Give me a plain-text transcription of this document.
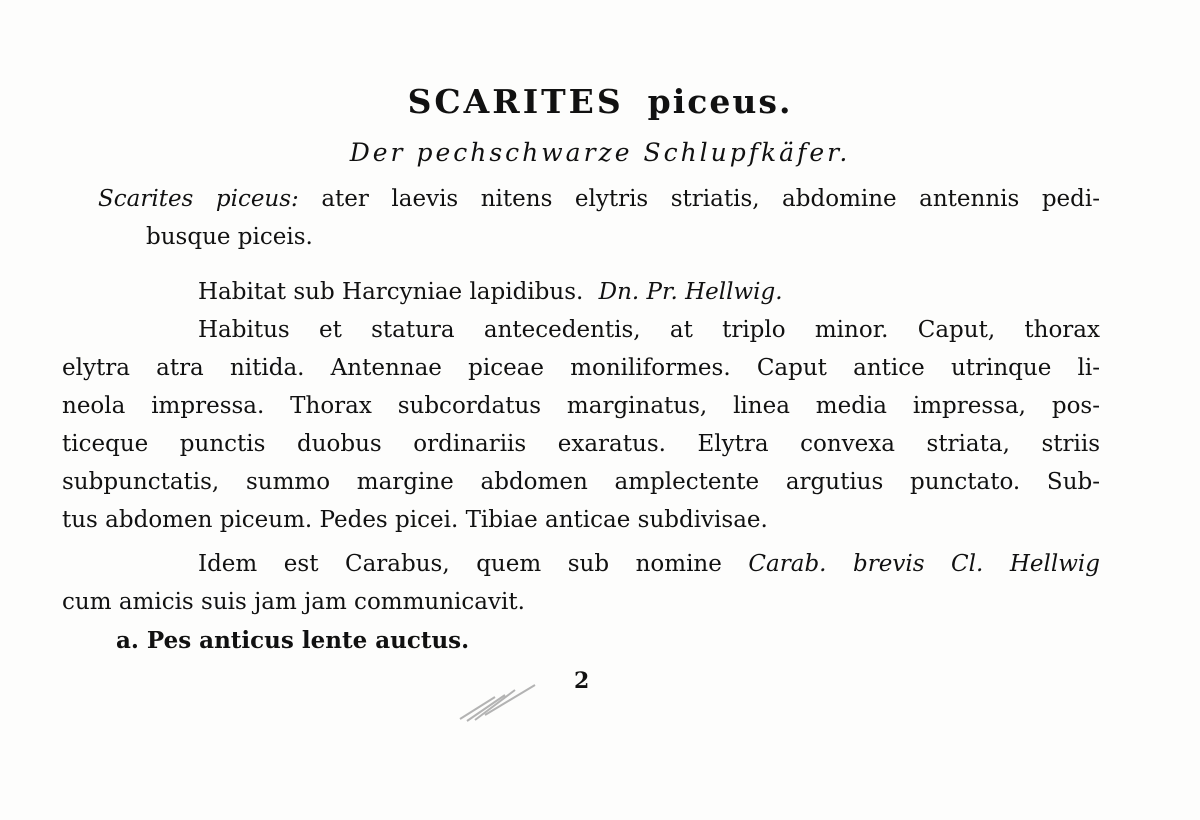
SCARITES piceus.
Der pechschwarze Schlupfkäfer.
Scarites piceus: ater laevis nitens elytris striatis, abdomine antennis pedi-
busque piceis.
Habitat sub Harcyniae lapidibus. Dn. Pr. Hellwig.
Habitus et statura antecedentis, at triplo minor. Caput, thorax
elytra atra nitida. Antennae piceae moniliformes. Caput antice utrinque li-
neola impressa. Thorax subcordatus marginatus, linea media impressa, pos-
ticeque punctis duobus ordinariis exaratus. Elytra convexa striata, striis
subpunctatis, summo margine abdomen amplectente argutius punctato. Sub-
tus abdomen piceum. Pedes picei. Tibiae anticae subdivisae.
Idem est Carabus, quem sub nomine Carab. brevis Cl. Hellwig
cum amicis suis jam jam communicavit.
a. Pes anticus lente auctus.
2
